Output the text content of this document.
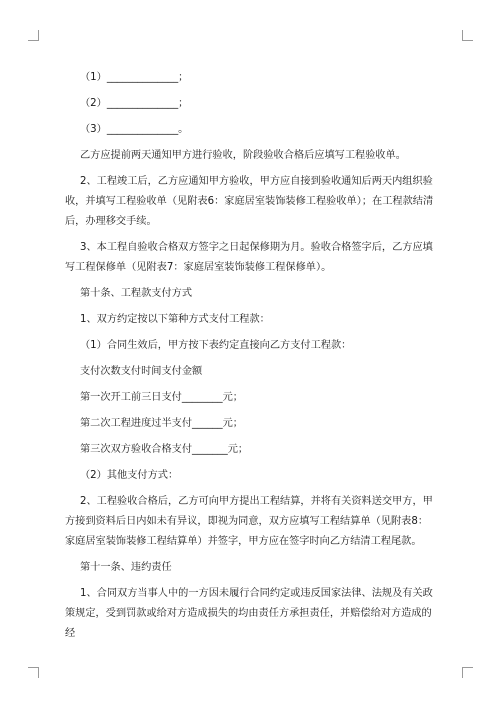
（1）______________；

（2）______________；

（3）______________。

乙方应提前两天通知甲方进行验收，阶段验收合格后应填写工程验收单。

2、工程竣工后，乙方应通知甲方验收，甲方应自接到验收通知后两天内组织验收，并填写工程验收单（见附表6：家庭居室装饰装修工程验收单）；在工程款结清后，办理移交手续。

3、本工程自验收合格双方签字之日起保修期为月。验收合格签字后，乙方应填写工程保修单（见附表7：家庭居室装饰装修工程保修单）。

第十条、工程款支付方式

1、双方约定按以下第种方式支付工程款：

（1）合同生效后，甲方按下表约定直接向乙方支付工程款：

支付次数支付时间支付金额

第一次开工前三日支付________元；

第二次工程进度过半支付______元；

第三次双方验收合格支付_______元；

（2）其他支付方式：

2、工程验收合格后，乙方可向甲方提出工程结算，并将有关资料送交甲方，甲方接到资料后日内如未有异议，即视为同意，双方应填写工程结算单（见附表8：家庭居室装饰装修工程结算单）并签字，甲方应在签字时向乙方结清工程尾款。

第十一条、违约责任

1、合同双方当事人中的一方因未履行合同约定或违反国家法律、法规及有关政策规定，受到罚款或给对方造成损失的均由责任方承担责任，并赔偿给对方造成的经
